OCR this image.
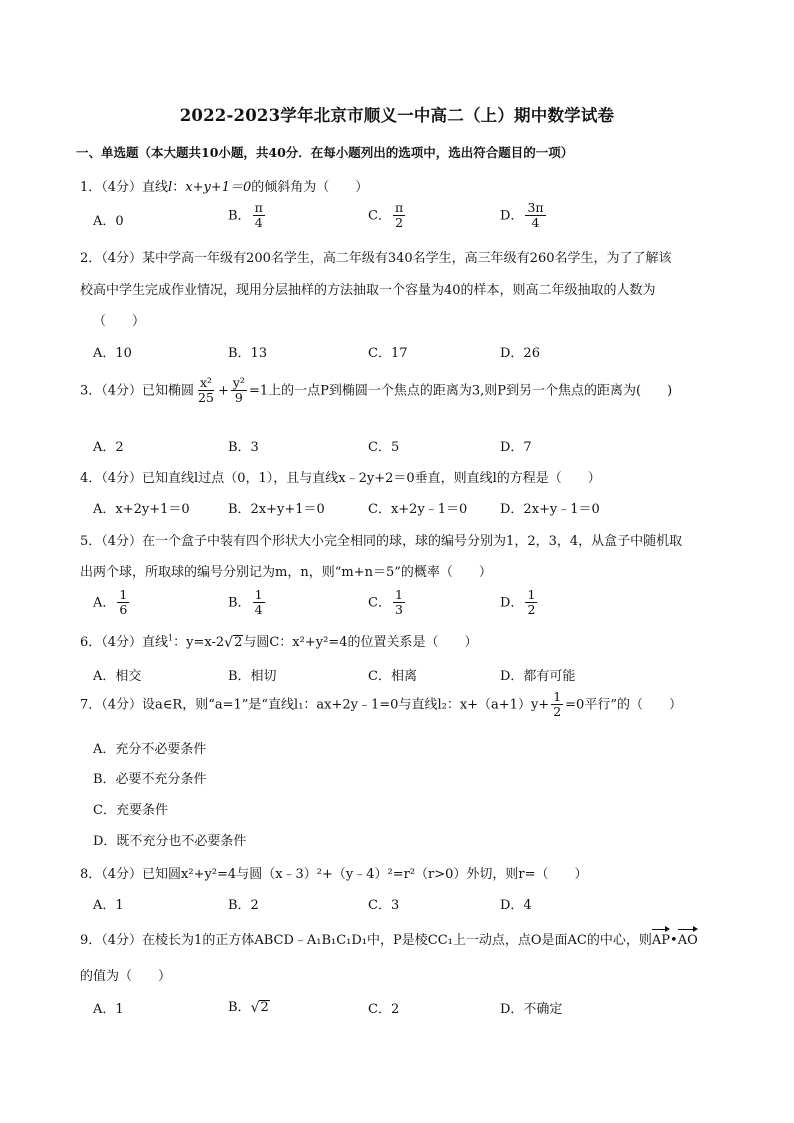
2022-2023学年北京市顺义一中高二（上）期中数学试卷
一、单选题（本大题共10小题，共40分．在每小题列出的选项中，选出符合题目的一项）
1．（4分）直线l：x+y+1＝0的倾斜角为（　　）
A．0	B． $\frac{\pi}{4}$	C． $\frac{\pi}{2}$	D． $\frac{3\pi}{4}$
2．（4分）某中学高一年级有200名学生，高二年级有340名学生，高三年级有260名学生，为了了解该
校高中学生完成作业情况，现用分层抽样的方法抽取一个容量为40的样本，则高二年级抽取的人数为
（　　）
A．10	B．13	C．17	D．26
3．（4分）已知椭圆 $\frac{\text{x²}}{25} + \frac{\text{y²}}{9} =1$上的一点P到椭圆一个焦点的距离为3,则P到另一个焦点的距离为(　　)
A．2	B．3	C．5	D．7
4．（4分）已知直线l过点（0，1），且与直线x﹣2y+2＝0垂直，则直线l的方程是（　　）
A．x+2y+1＝0	B．2x+y+1＝0	C．x+2y﹣1＝0	D．2x+y﹣1＝0
5．（4分）在一个盒子中装有四个形状大小完全相同的球，球的编号分别为1，2，3，4，从盒子中随机取
出两个球，所取球的编号分别记为m，n，则“m+n＝5”的概率（　　）
A． $\frac{1}{6}$	B． $\frac{1}{4}$	C． $\frac{1}{3}$	D． $\frac{1}{2}$
6．（4分）直线$^1$：y=x-2 √ 2 与圆C：x²+y²=4的位置关系是（　　）
A．相交	B．相切	C．相离	D．都有可能
7．（4分）设a∈R，则“a=1”是“直线l₁：ax+2y﹣1=0与直线l₂：$x+(a+1)y+ \frac{1}{2} =0$平行”的（　　）
A．充分不必要条件
B．必要不充分条件
C．充要条件
D．既不充分也不必要条件
8．（4分）已知圆x²+y²=4与圆（x﹣3）²+（y﹣4）²=r²（r>0）外切，则r=（　　）
A．1	B．2	C．3	D．4
9．（4分）在棱长为1的正方体ABCD﹣A₁B₁C₁D₁中，P是棱CC₁上一动点，点O是面AC的中心，则AP•AO
的值为（　　）
A．1	B． √ 2	C．2	D．不确定
